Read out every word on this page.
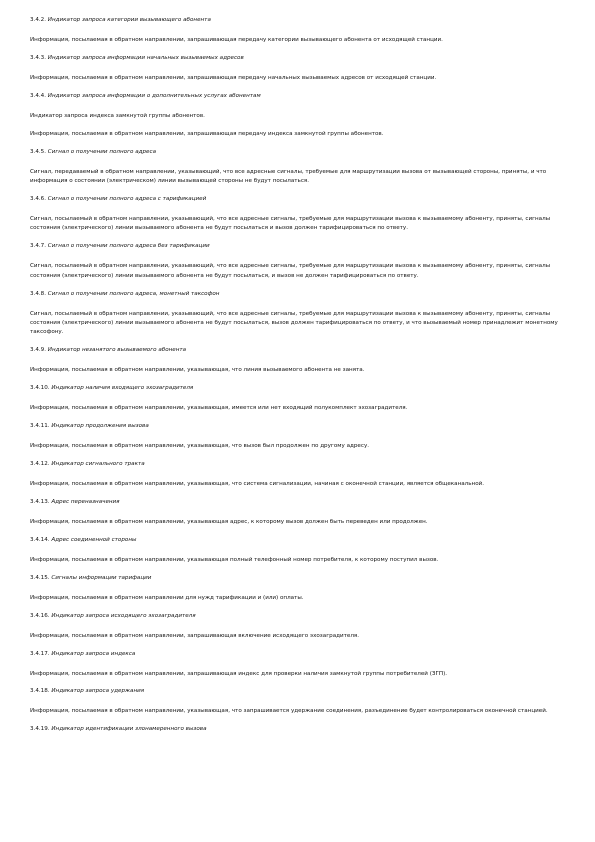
3.4.2. Индикатор запроса категории вызывающего абонента
Информация, посылаемая в обратном направлении, запрашивающая передачу категории вызывающего абонента от исходящей станции.
3.4.3. Индикатор запроса информации начальных вызываемых адресов
Информация, посылаемая в обратном направлении, запрашивающая передачу начальных вызываемых адресов от исходящей станции.
3.4.4. Индикатор запроса информации о дополнительных услугах абонентам
Индикатор запроса индекса замкнутой группы абонентов.
Информация, посылаемая в обратном направлении, запрашивающая передачу индекса замкнутой группы абонентов.
3.4.5. Сигнал о получении полного адреса
Сигнал, передаваемый в обратном направлении, указывающий, что все адресные сигналы, требуемые для маршрутизации вызова от вызывающей стороны, приняты, и что информация о состоянии (электрическом) линии вызывающей стороны не будут посылаться.
3.4.6. Сигнал о получении полного адреса с тарификацией
Сигнал, посылаемый в обратном направлении, указывающий, что все адресные сигналы, требуемые для маршрутизации вызова к вызываемому абоненту, приняты, сигналы состояния (электрического) линии вызываемого абонента не будут посылаться и вызов должен тарифицироваться по ответу.
3.4.7. Сигнал о получении полного адреса без тарификации
Сигнал, посылаемый в обратном направлении, указывающий, что все адресные сигналы, требуемые для маршрутизации вызова к вызываемому абоненту, приняты, сигналы состояния (электрического) линии вызываемого абонента не будут посылаться, и вызов не должен тарифицироваться по ответу.
3.4.8. Сигнал о получении полного адреса, монетный таксофон
Сигнал, посылаемый в обратном направлении, указывающий, что все адресные сигналы, требуемые для маршрутизации вызова к вызываемому абоненту, приняты, сигналы состояния (электрического) линии вызываемого абонента не будут посылаться, вызов должен тарифицироваться по ответу, и что вызываемый номер принадлежит монетному таксофону.
3.4.9. Индикатор незанятого вызываемого абонента
Информация, посылаемая в обратном направлении, указывающая, что линия вызываемого абонента не занята.
3.4.10. Индикатор наличия входящего эхозаградителя
Информация, посылаемая в обратном направлении, указывающая, имеется или нет входящий полукомплект эхозаградителя.
3.4.11. Индикатор продолжения вызова
Информация, посылаемая в обратном направлении, указывающая, что вызов был продолжен по другому адресу.
3.4.12. Индикатор сигнального тракта
Информация, посылаемая в обратном направлении, указывающая, что система сигнализации, начиная с оконечной станции, является общеканальной.
3.4.13. Адрес переназначения
Информация, посылаемая в обратном направлении, указывающая адрес, к которому вызов должен быть переведен или продолжен.
3.4.14. Адрес соединенной стороны
Информация, посылаемая в обратном направлении, указывающая полный телефонный номер потребителя, к которому поступил вызов.
3.4.15. Сигналы информации тарифации
Информация, посылаемая в обратном направлении для нужд тарификации и (или) оплаты.
3.4.16. Индикатор запроса исходящего эхозаградителя
Информация, посылаемая в обратном направлении, запрашивающая включение исходящего эхозаградителя.
3.4.17. Индикатор запроса индекса
Информация, посылаемая в обратном направлении, запрашивающая индекс для проверки наличия замкнутой группы потребителей (ЗГП).
3.4.18. Индикатор запроса удержания
Информация, посылаемая в обратном направлении, указывающая, что запрашивается удержание соединения, разъединение будет контролироваться оконечной станцией.
3.4.19. Индикатор идентификации злонамеренного вызова
